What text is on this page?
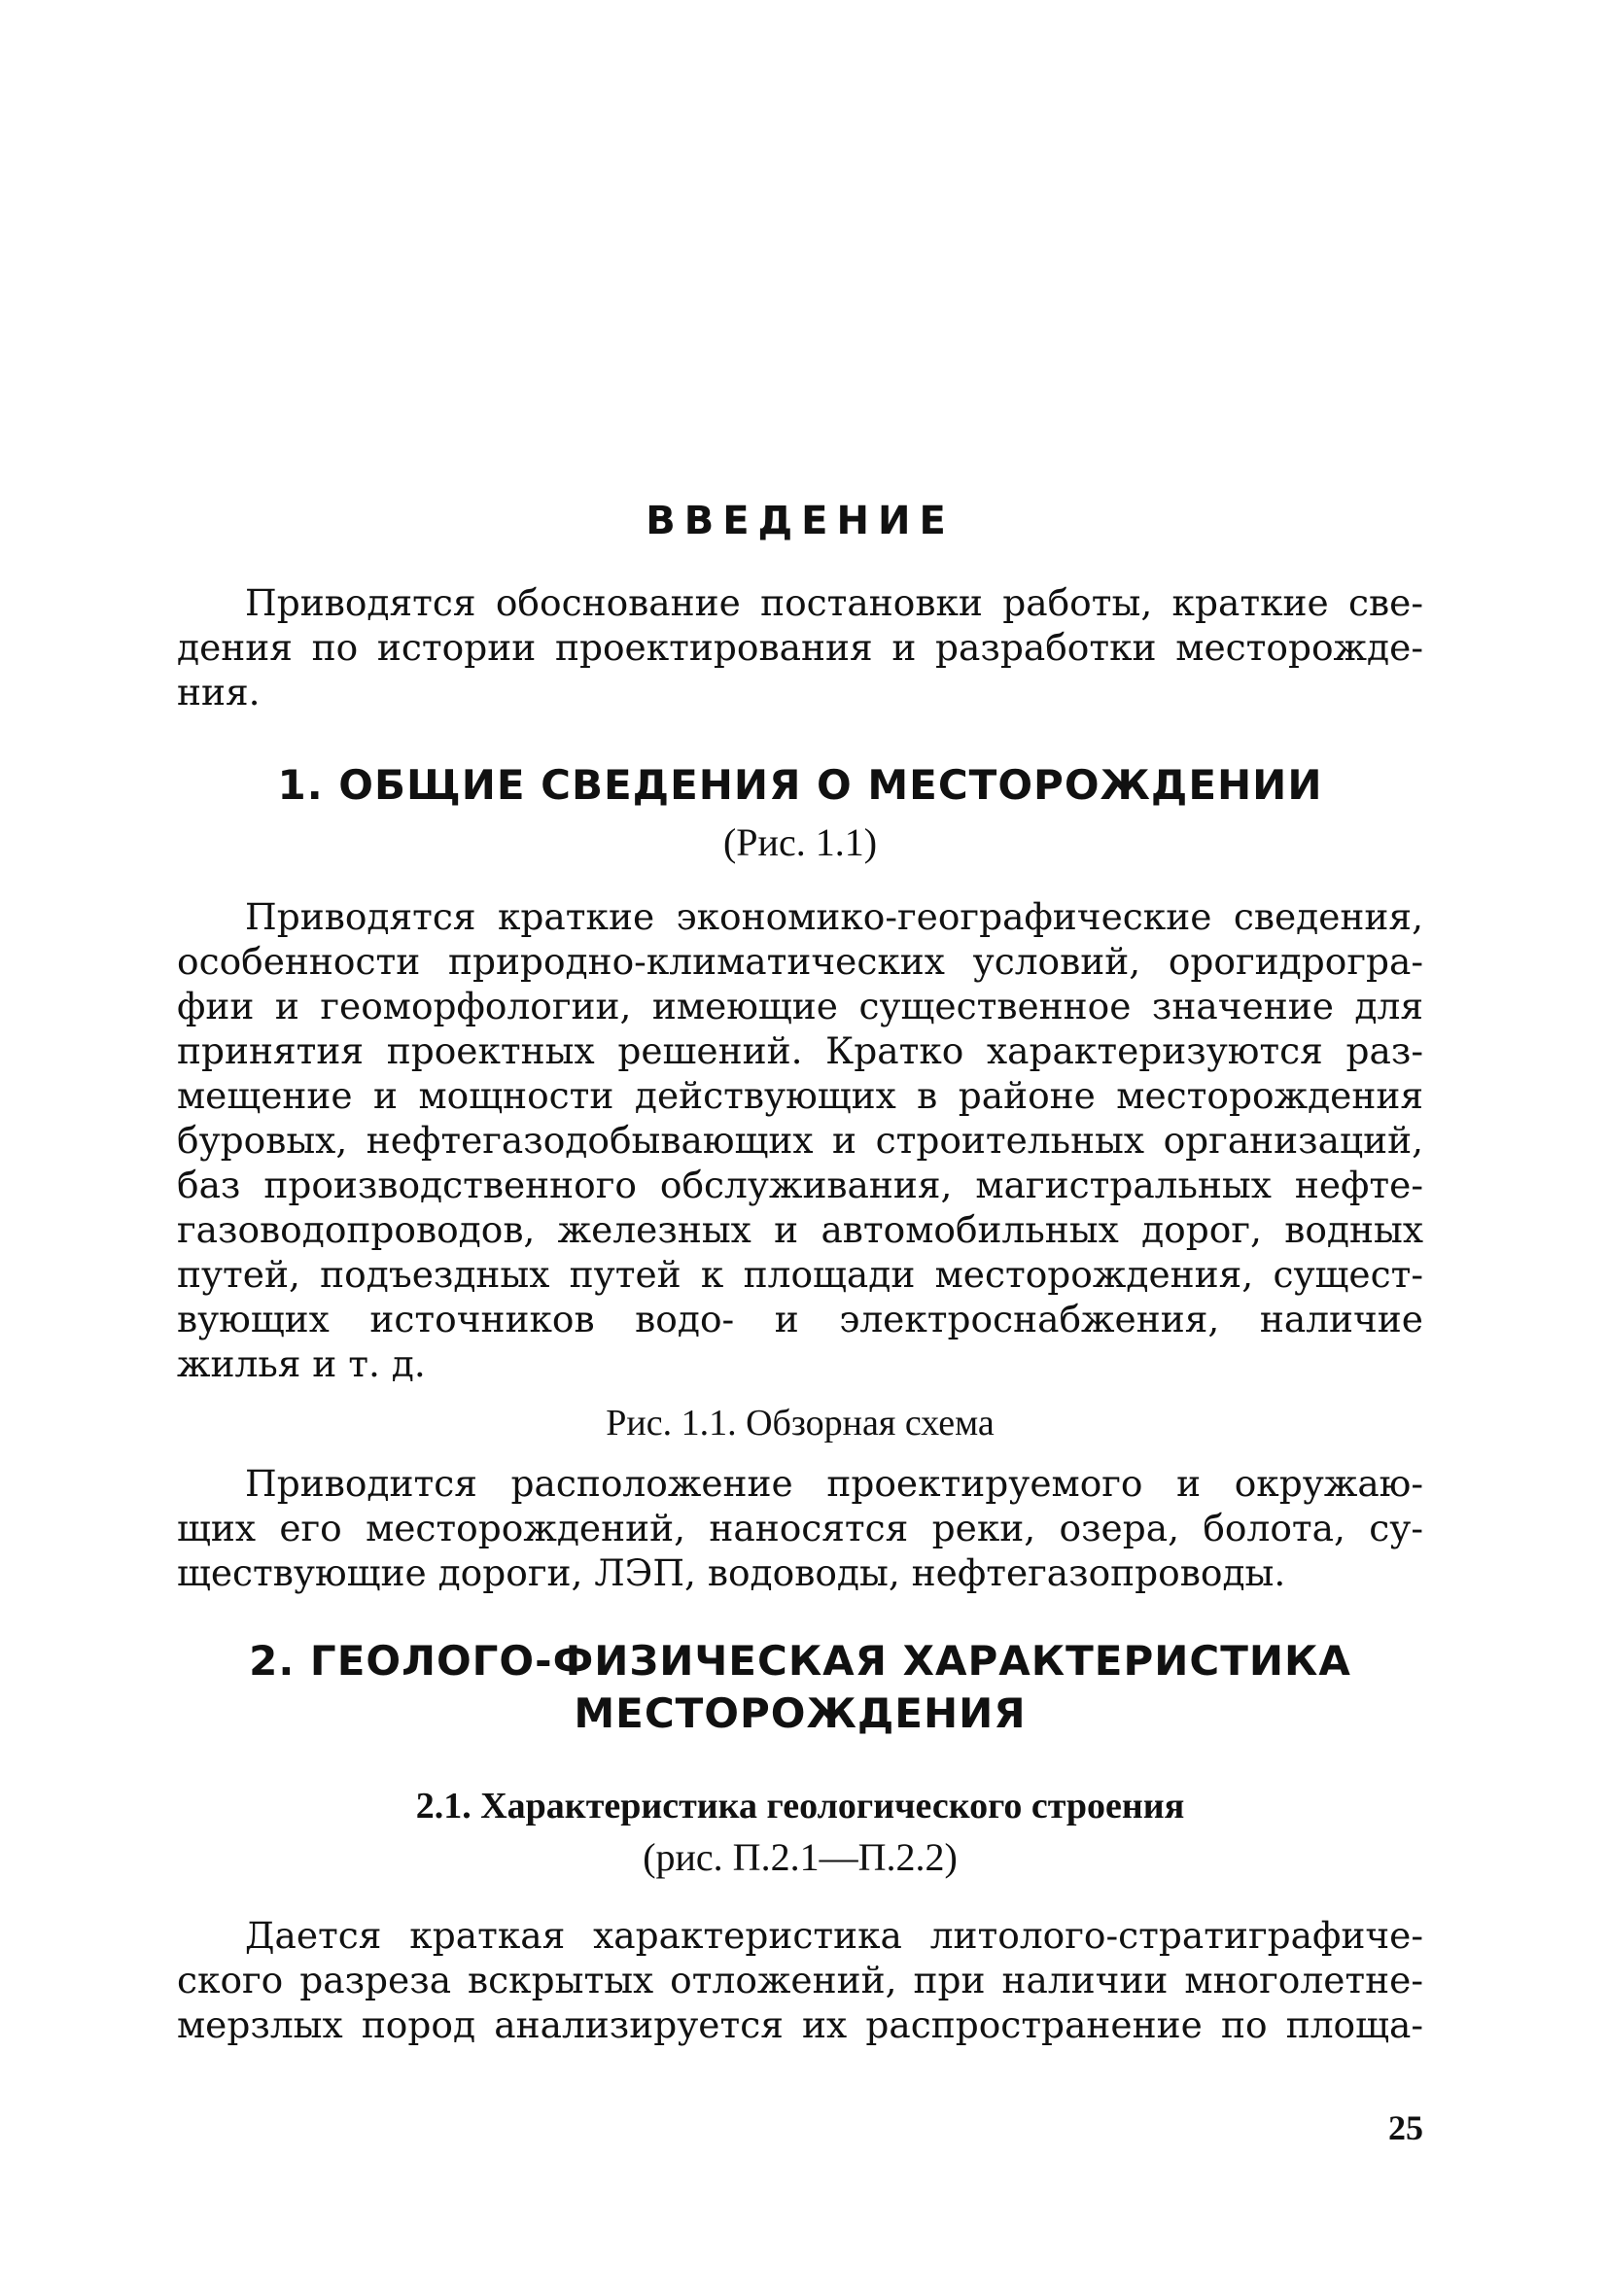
ВВЕДЕНИЕ
Приводятся обоснование постановки работы, краткие све-
дения по истории проектирования и разработки месторожде-
ния.
1. ОБЩИЕ СВЕДЕНИЯ О МЕСТОРОЖДЕНИИ
(Рис. 1.1)
Приводятся краткие экономико-географические сведения,
особенности природно-климатических условий, орогидрогра-
фии и геоморфологии, имеющие существенное значение для
принятия проектных решений. Кратко характеризуются раз-
мещение и мощности действующих в районе месторождения
буровых, нефтегазодобывающих и строительных организаций,
баз производственного обслуживания, магистральных нефте-
газоводопроводов, железных и автомобильных дорог, водных
путей, подъездных путей к площади месторождения, сущест-
вующих источников водо- и электроснабжения, наличие
жилья и т. д.
Рис. 1.1. Обзорная схема
Приводится расположение проектируемого и окружаю-
щих его месторождений, наносятся реки, озера, болота, су-
ществующие дороги, ЛЭП, водоводы, нефтегазопроводы.
2. ГЕОЛОГО-ФИЗИЧЕСКАЯ ХАРАКТЕРИСТИКА
МЕСТОРОЖДЕНИЯ
2.1. Характеристика геологического строения
(рис. П.2.1—П.2.2)
Дается краткая характеристика литолого-стратиграфиче-
ского разреза вскрытых отложений, при наличии многолетне-
мерзлых пород анализируется их распространение по площа-
25
